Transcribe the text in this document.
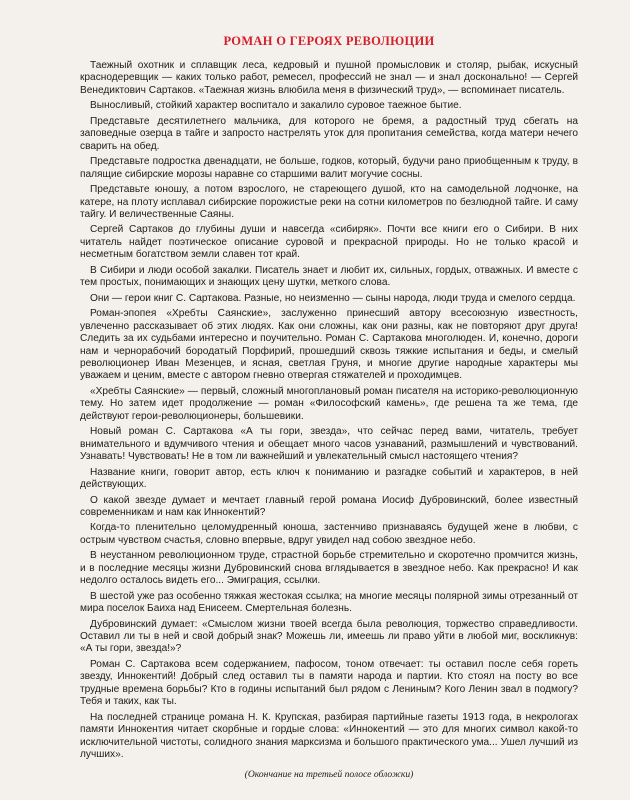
РОМАН О ГЕРОЯХ РЕВОЛЮЦИИ

Таежный охотник и сплавщик леса, кедровый и пушной промысловик и столяр, рыбак, искусный краснодеревщик — каких только работ, ремесел, профессий не знал — и знал досконально! — Сергей Венедиктович Сартаков. «Таежная жизнь влюбила меня в физический труд», — вспоминает писатель.

Выносливый, стойкий характер воспитало и закалило суровое таежное бытие.

Представьте десятилетнего мальчика, для которого не бремя, а радостный труд сбегать на заповедные озерца в тайге и запросто настрелять уток для пропитания семейства, когда матери нечего сварить на обед.

Представьте подростка двенадцати, не больше, годков, который, будучи рано приобщенным к труду, в палящие сибирские морозы наравне со старшими валит могучие сосны.

Представьте юношу, а потом взрослого, не стареющего душой, кто на самодельной лодчонке, на катере, на плоту исплавал сибирские порожистые реки на сотни километров по безлюдной тайге. И саму тайгу. И величественные Саяны.

Сергей Сартаков до глубины души и навсегда «сибиряк». Почти все книги его о Сибири. В них читатель найдет поэтическое описание суровой и прекрасной природы. Но не только красой и несметным богатством земли славен тот край.

В Сибири и люди особой закалки. Писатель знает и любит их, сильных, гордых, отважных. И вместе с тем простых, понимающих и знающих цену шутки, меткого слова.

Они — герои книг С. Сартакова. Разные, но неизменно — сыны народа, люди труда и смелого сердца.

Роман-эпопея «Хребты Саянские», заслуженно принесший автору всесоюзную известность, увлеченно рассказывает об этих людях. Как они сложны, как они разны, как не повторяют друг друга! Следить за их судьбами интересно и поучительно. Роман С. Сартакова многолюден. И, конечно, дороги нам и чернорабочий бородатый Порфирий, прошедший сквозь тяжкие испытания и беды, и смелый революционер Иван Мезенцев, и ясная, светлая Груня, и многие другие народные характеры мы уважаем и ценим, вместе с автором гневно отвергая стяжателей и проходимцев.

«Хребты Саянские» — первый, сложный многоплановый роман писателя на историко-революционную тему. Но затем идет продолжение — роман «Философский камень», где решена та же тема, где действуют герои-революционеры, большевики.

Новый роман С. Сартакова «А ты гори, звезда», что сейчас перед вами, читатель, требует внимательного и вдумчивого чтения и обещает много часов узнаваний, размышлений и чувствований. Узнавать! Чувствовать! Не в том ли важнейший и увлекательный смысл настоящего чтения?

Название книги, говорит автор, есть ключ к пониманию и разгадке событий и характеров, в ней действующих.

О какой звезде думает и мечтает главный герой романа Иосиф Дубровинский, более известный современникам и нам как Иннокентий?

Когда-то пленительно целомудренный юноша, застенчиво признаваясь будущей жене в любви, с острым чувством счастья, словно впервые, вдруг увидел над собою звездное небо.

В неустанном революционном труде, страстной борьбе стремительно и скоротечно промчится жизнь, и в последние месяцы жизни Дубровинский снова вглядывается в звездное небо. Как прекрасно! И как недолго осталось видеть его... Эмиграция, ссылки.

В шестой уже раз особенно тяжкая жестокая ссылка; на многие месяцы полярной зимы отрезанный от мира поселок Баиха над Енисеем. Смертельная болезнь.

Дубровинский думает: «Смыслом жизни твоей всегда была революция, торжество справедливости. Оставил ли ты в ней и свой добрый знак? Можешь ли, имеешь ли право уйти в любой миг, воскликнув: «А ты гори, звезда!»?

Роман С. Сартакова всем содержанием, пафосом, тоном отвечает: ты оставил после себя гореть звезду, Иннокентий! Добрый след оставил ты в памяти народа и партии. Кто стоял на посту во все трудные времена борьбы? Кто в годины испытаний был рядом с Лениным? Кого Ленин звал в подмогу? Тебя и таких, как ты.

На последней странице романа Н. К. Крупская, разбирая партийные газеты 1913 года, в некрологах памяти Иннокентия читает скорбные и гордые слова: «Иннокентий — это для многих символ какой-то исключительной чистоты, солидного знания марксизма и большого практического ума... Ушел лучший из лучших».

(Окончание на третьей полосе обложки)
